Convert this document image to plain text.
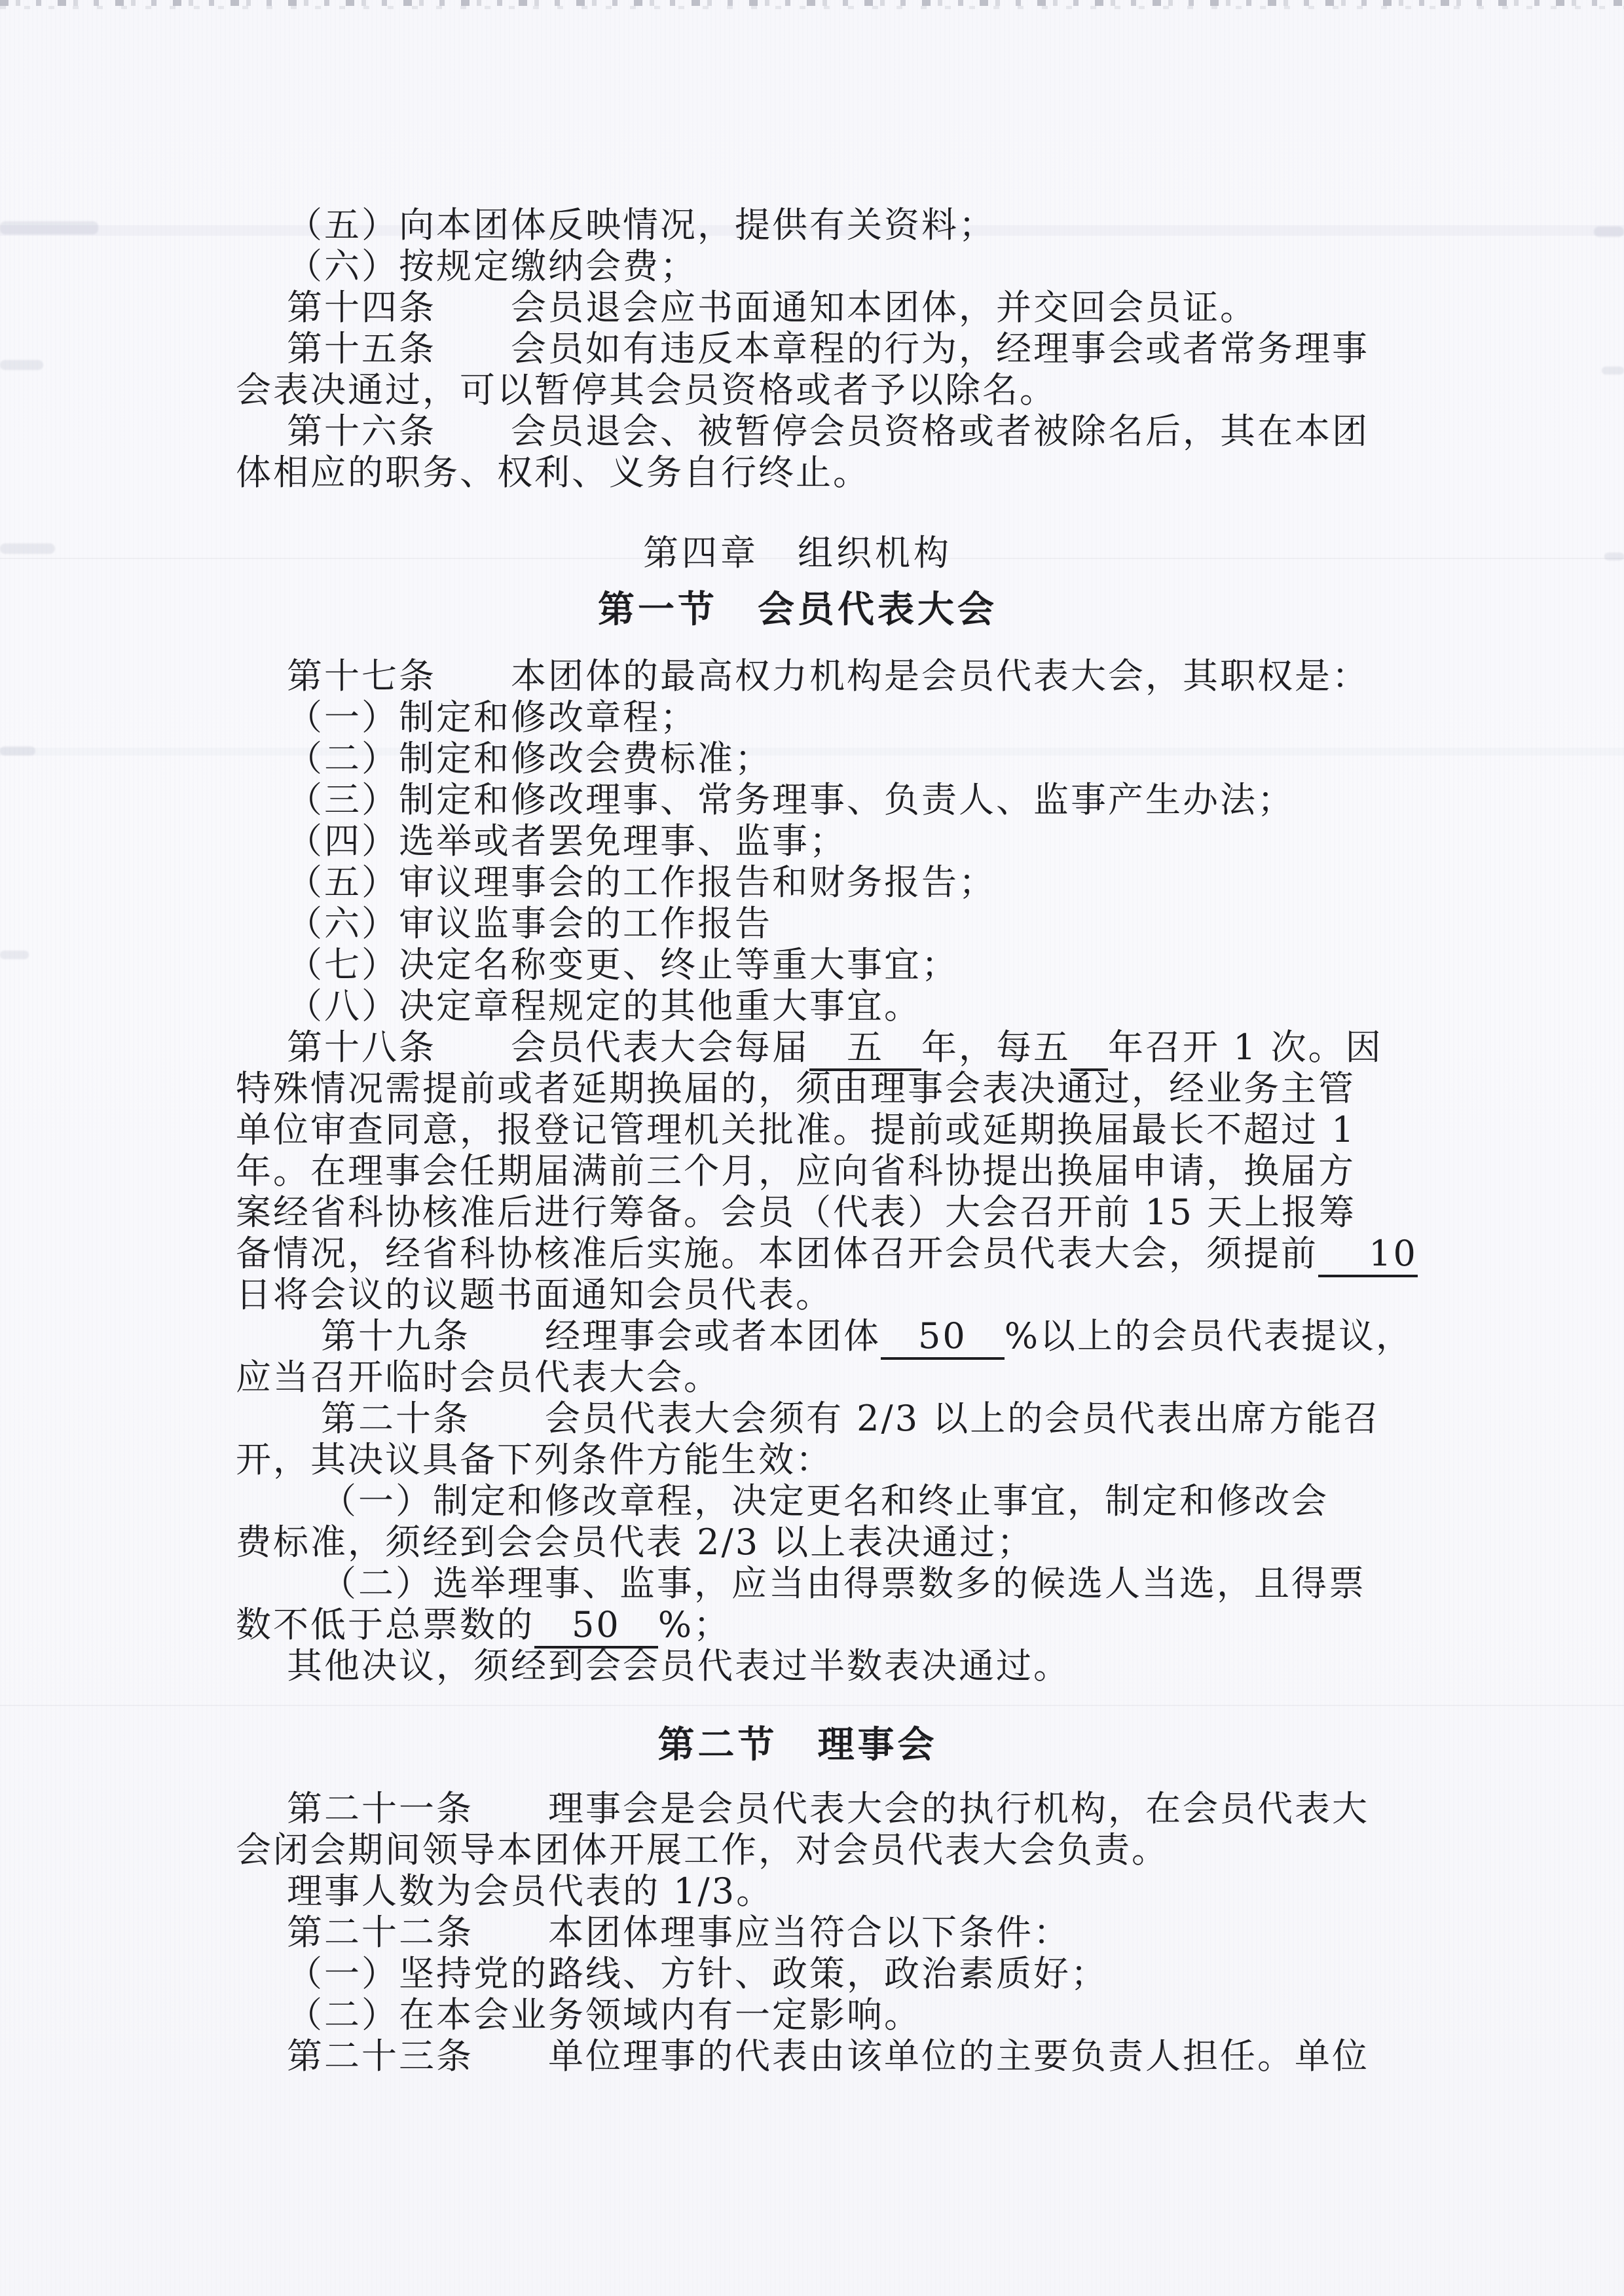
（五）向本团体反映情况，提供有关资料；
（六）按规定缴纳会费；
第十四条　　会员退会应书面通知本团体，并交回会员证。
第十五条　　会员如有违反本章程的行为，经理事会或者常务理事
会表决通过，可以暂停其会员资格或者予以除名。
第十六条　　会员退会、被暂停会员资格或者被除名后，其在本团
体相应的职务、权利、义务自行终止。
第四章　组织机构
第一节　会员代表大会
第十七条　　本团体的最高权力机构是会员代表大会，其职权是：
（一）制定和修改章程；
（二）制定和修改会费标准；
（三）制定和修改理事、常务理事、负责人、监事产生办法；
（四）选举或者罢免理事、监事；
（五）审议理事会的工作报告和财务报告；
（六）审议监事会的工作报告
（七）决定名称变更、终止等重大事宜；
（八）决定章程规定的其他重大事宜。
第十八条　　会员代表大会每届　五　年，每五　 年召开 1 次。因
特殊情况需提前或者延期换届的，须由理事会表决通过，经业务主管
单位审查同意，报登记管理机关批准。提前或延期换届最长不超过 1
年。在理事会任期届满前三个月，应向省科协提出换届申请，换届方
案经省科协核准后进行筹备。会员（代表）大会召开前 15 天上报筹
备情况，经省科协核准后实施。本团体召开会员代表大会，须提前　 10
日将会议的议题书面通知会员代表。
第十九条　　经理事会或者本团体　50　%以上的会员代表提议，
应当召开临时会员代表大会。
第二十条　　会员代表大会须有 2/3 以上的会员代表出席方能召
开，其决议具备下列条件方能生效：
（一）制定和修改章程，决定更名和终止事宜，制定和修改会
费标准，须经到会会员代表 2/3 以上表决通过；
（二）选举理事、监事，应当由得票数多的候选人当选，且得票
数不低于总票数的　50　%；
其他决议，须经到会会员代表过半数表决通过。
第二节　理事会
第二十一条　　理事会是会员代表大会的执行机构，在会员代表大
会闭会期间领导本团体开展工作，对会员代表大会负责。
理事人数为会员代表的 1/3。
第二十二条　　本团体理事应当符合以下条件：
（一）坚持党的路线、方针、政策，政治素质好；
（二）在本会业务领域内有一定影响。
第二十三条　　单位理事的代表由该单位的主要负责人担任。单位
